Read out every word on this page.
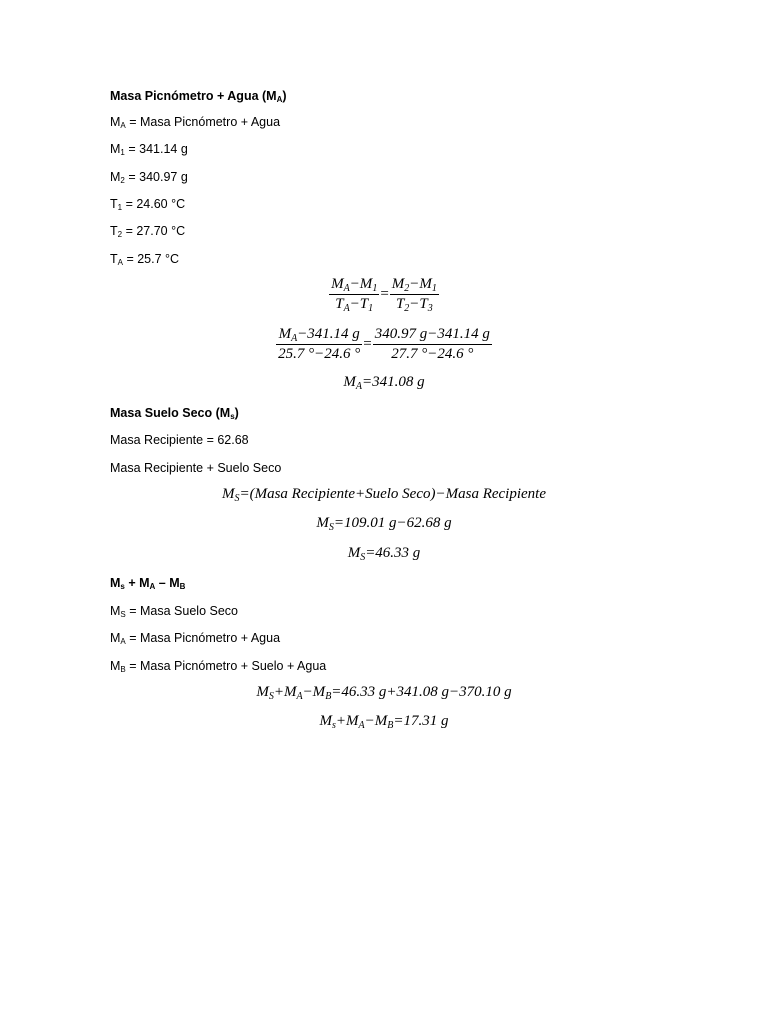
Masa Picnómetro + Agua $(M_A)$
$M_A$ = Masa Picnómetro + Agua
$M_1 = 341.14$ g
$M_2 = 340.97$ g
$T_1 = 24.60$ °C
$T_2 = 27.70$ °C
$T_A = 25.7$ °C
$\frac{M_A-M_1}{T_A-T_1} = \frac{M_2-M_1}{T_2-T_3}$
$\frac{M_A-341.14 g}{25.7 ^\circ-24.6 ^\circ} = \frac{340.97 g-341.14 g}{27.7 ^\circ-24.6 ^\circ}$
$M_A=341.08$ g
Masa Suelo Seco $(M_s)$
Masa Recipiente = 62.68
Masa Recipiente + Suelo Seco
$M_S=(Masa$ Recipiente+Suelo Seco)−Masa Recipiente
$M_S=109.01$ g−62.68 g
$M_S=46.33$ g
$M_s + M_A - M_B$
$M_S$ = Masa Suelo Seco
$M_A$ = Masa Picnómetro + Agua
$M_B$ = Masa Picnómetro + Suelo + Agua
$M_S+M_A-M_B=46.33$ g+341.08 g−370.10 g
$M_s+M_A-M_B=17.31$ g
